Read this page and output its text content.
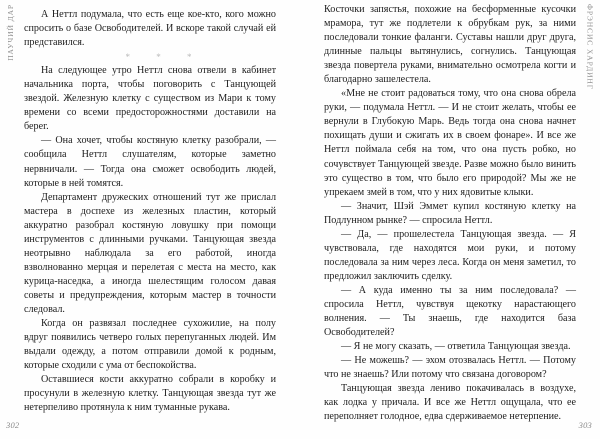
ПАУЧИЙ ДАР	А Неттл подумала, что есть еще кое-кто, кого можно спросить о базе Освободителей. И вскоре такой случай ей представился.

* * *

На следующее утро Неттл снова отвели в кабинет начальника порта, чтобы поговорить с Танцующей звездой. Железную клетку с существом из Мари к тому времени со всеми предосторожностями доставили на берег.

— Она хочет, чтобы костяную клетку разобрали, — сообщила Неттл слушателям, которые заметно нервничали. — Тогда она сможет освободить людей, которые в ней томятся.

Департамент дружеских отношений тут же прислал мастера в доспехе из железных пластин, который аккуратно разобрал костяную ловушку при помощи инструментов с длинными ручками. Танцующая звезда неотрывно наблюдала за его работой, иногда взволнованно мерцая и перелетая с места на место, как курица-наседка, а иногда шелестящим голосом давая советы и предупреждения, которым мастер в точности следовал.

Когда он развязал последнее сухожилие, на полу вдруг появились четверо голых перепуганных людей. Им выдали одежду, а потом отправили домой к родным, которые сходили с ума от беспокойства.

Оставшиеся кости аккуратно собрали в коробку и просунули в железную клетку. Танцующая звезда тут же нетерпеливо протянула к ним туманные рукава.

302

Косточки запястья, похожие на бесформенные кусочки мрамора, тут же подлетели к обрубкам рук, за ними последовали тонкие фаланги. Суставы нашли друг друга, длинные пальцы вытянулись, согнулись. Танцующая звезда повертела руками, внимательно осмотрела когти и благодарно зашелестела.

«Мне не стоит радоваться тому, что она снова обрела руки, — подумала Неттл. — И не стоит желать, чтобы ее вернули в Глубокую Марь. Ведь тогда она снова начнет похищать души и сжигать их в своем фонаре». И все же Неттл поймала себя на том, что она пусть робко, но сочувствует Танцующей звезде. Разве можно было винить это существо в том, что было его природой? Мы же не упрекаем змей в том, что у них ядовитые клыки.

— Значит, Шэй Эммет купил костяную клетку на Подлунном рынке? — спросила Неттл.

— Да, — прошелестела Танцующая звезда. — Я чувствовала, где находятся мои руки, и потому последовала за ним через леса. Когда он меня заметил, то предложил заключить сделку.

— А куда именно ты за ним последовала? — спросила Неттл, чувствуя щекотку нарастающего волнения. — Ты знаешь, где находится база Освободителей?

— Я не могу сказать, — ответила Танцующая звезда.

— Не можешь? — эхом отозвалась Неттл. — Потому что не знаешь? Или потому что связана договором?

Танцующая звезда лениво покачивалась в воздухе, как лодка у причала. И все же Неттл ощущала, что ее переполняет голодное, едва сдерживаемое нетерпение.

303
ФРЭНСИС ХАРДИНГ
